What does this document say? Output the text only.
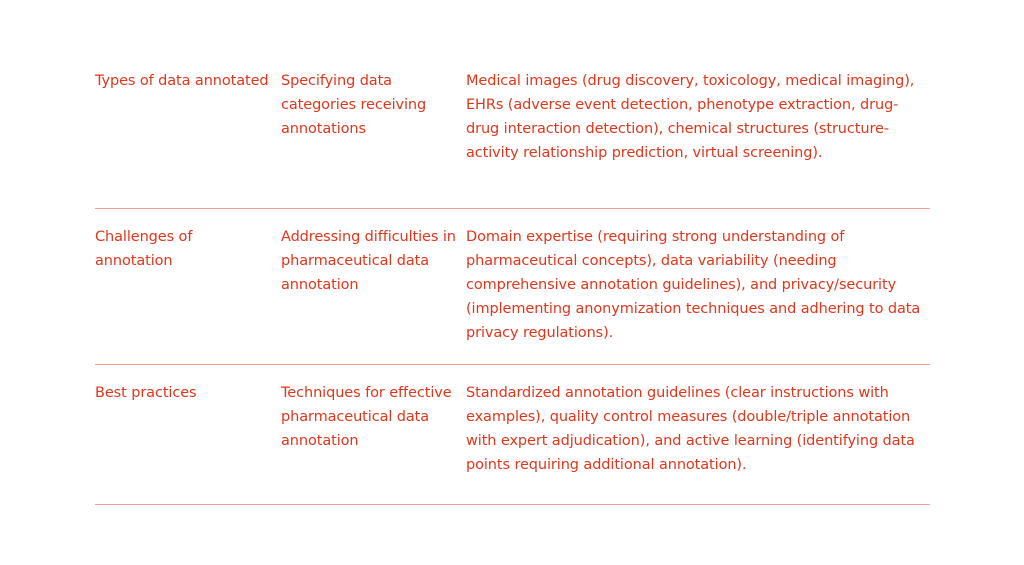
Types of data annotated Specifying data categories receiving annotations
Medical images (drug discovery, toxicology, medical imaging), EHRs (adverse event detection, phenotype extraction, drug-drug interaction detection), chemical structures (structure-activity relationship prediction, virtual screening).
Challenges of annotation
Addressing difficulties in pharmaceutical data annotation
Domain expertise (requiring strong understanding of pharmaceutical concepts), data variability (needing comprehensive annotation guidelines), and privacy/security (implementing anonymization techniques and adhering to data privacy regulations).
Best practices	Techniques for effective pharmaceutical data annotation
Standardized annotation guidelines (clear instructions with examples), quality control measures (double/triple annotation with expert adjudication), and active learning (identifying data points requiring additional annotation).
